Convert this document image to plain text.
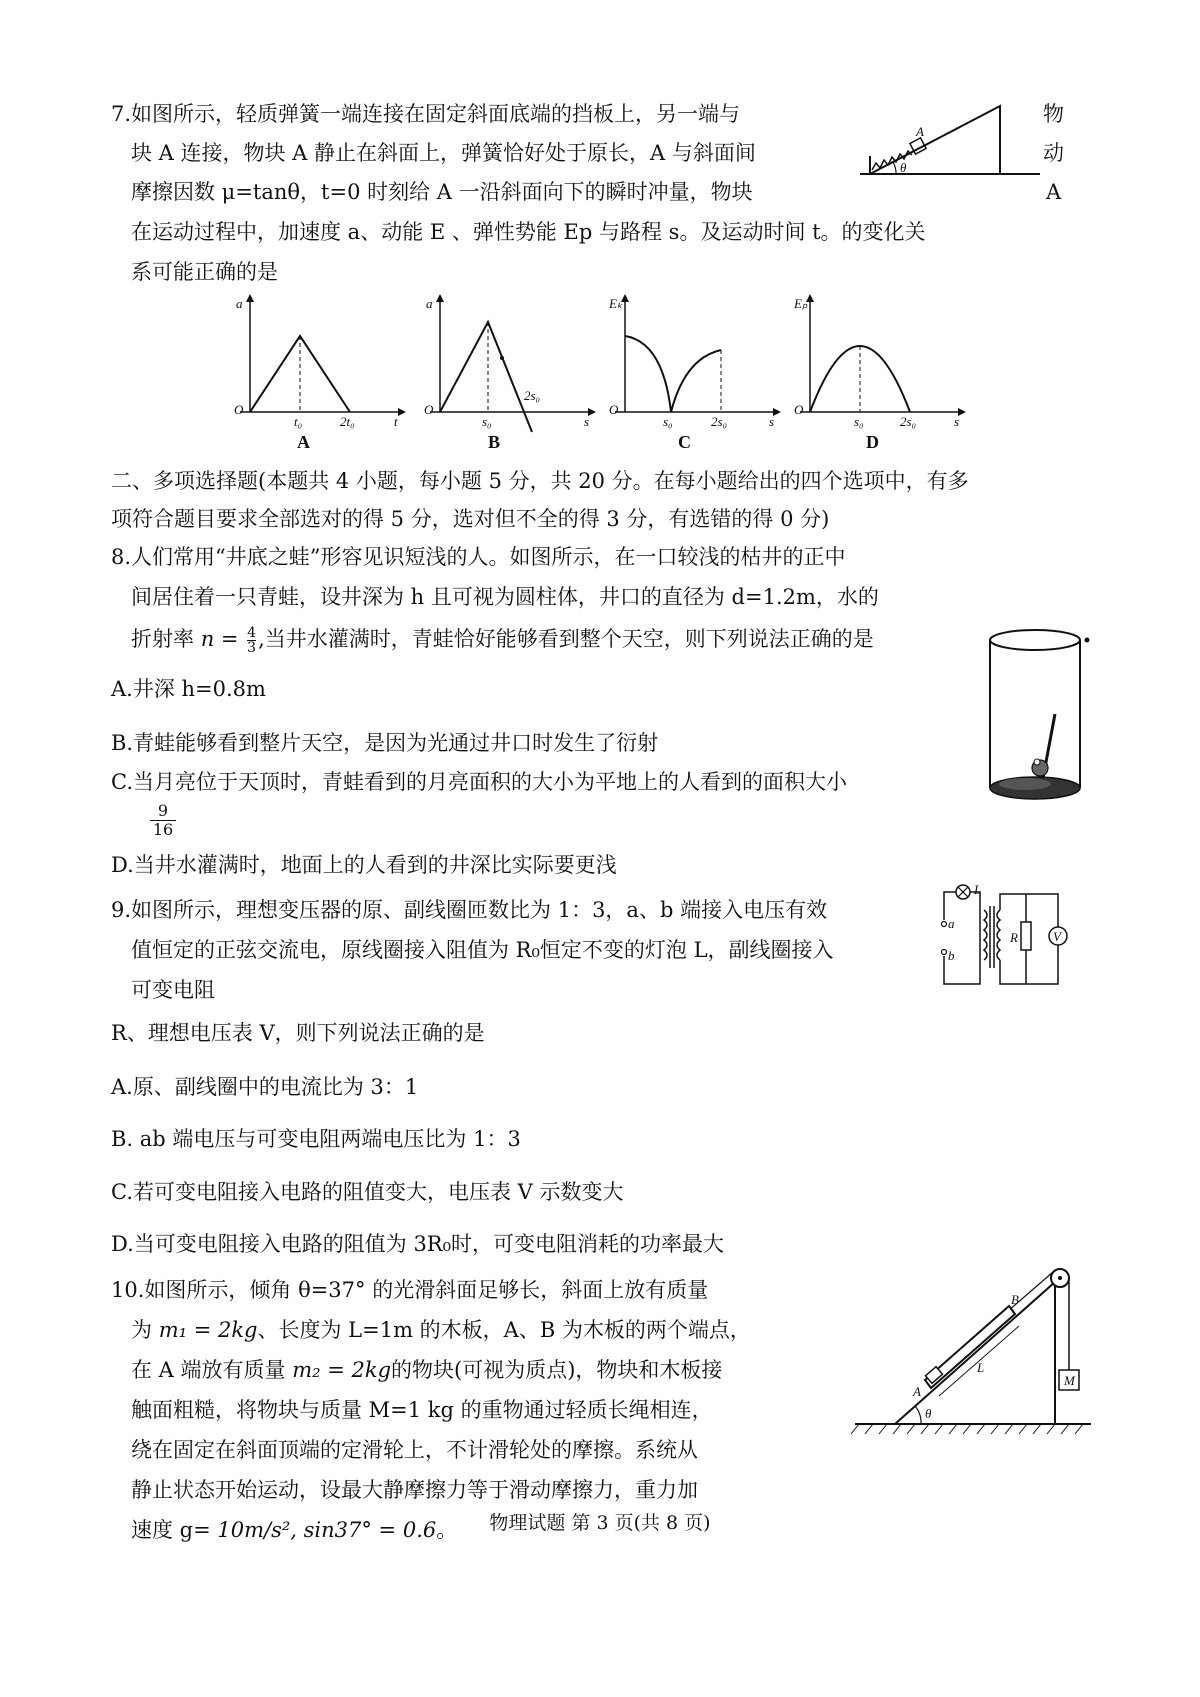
7.如图所示，轻质弹簧一端连接在固定斜面底端的挡板上，另一端与	物
块 A 连接，物块 A 静止在斜面上，弹簧恰好处于原长，A 与斜面间	动
摩擦因数 μ=tanθ，t=0 时刻给 A 一沿斜面向下的瞬时冲量，物块	A
在运动过程中，加速度 a、动能 E 、弹性势能 Ep 与路程 s。及运动时间 t。的变化关
系可能正确的是
A
θ
a
O
t₀	2t₀	t
A
a
O
s₀
2s₀
s
B
Eₖ
O
s₀	2s₀	s
C
Eₚ
O
s₀	2s₀	s
D
二、多项选择题(本题共 4 小题，每小题 5 分，共 20 分。在每小题给出的四个选项中，有多
项符合题目要求全部选对的得 5 分，选对但不全的得 3 分，有选错的得 0 分)
8.人们常用“井底之蛙”形容见识短浅的人。如图所示，在一口较浅的枯井的正中
间居住着一只青蛙，设井深为 h 且可视为圆柱体，井口的直径为 d=1.2m，水的
折射率 $n = \frac{4}{3}$ ,当井水灌满时，青蛙恰好能够看到整个天空，则下列说法正确的是
A.井深 h=0.8m
B.青蛙能够看到整片天空，是因为光通过井口时发生了衍射
C.当月亮位于天顶时，青蛙看到的月亮面积的大小为平地上的人看到的面积大小
$\frac{9}{16}$
D.当井水灌满时，地面上的人看到的井深比实际要更浅
9.如图所示，理想变压器的原、副线圈匝数比为 1：3，a、b 端接入电压有效
值恒定的正弦交流电，原线圈接入阻值为 R₀恒定不变的灯泡 L，副线圈接入
可变电阻
R、理想电压表 V，则下列说法正确的是
A.原、副线圈中的电流比为 3：1
B. ab 端电压与可变电阻两端电压比为 1：3
C.若可变电阻接入电路的阻值变大，电压表 V 示数变大
D.当可变电阻接入电路的阻值为 3R₀时，可变电阻消耗的功率最大
L
a
b
R	V
10.如图所示，倾角 θ=37° 的光滑斜面足够长，斜面上放有质量
为 m₁ = 2kg、长度为 L=1m 的木板，A、B 为木板的两个端点，
在 A 端放有质量 m₂ = 2kg的物块(可视为质点)，物块和木板接
触面粗糙，将物块与质量 M=1 kg 的重物通过轻质长绳相连，
绕在固定在斜面顶端的定滑轮上，不计滑轮处的摩擦。系统从
静止状态开始运动，设最大静摩擦力等于滑动摩擦力，重力加
速度 g= 10m/s², sin37° = 0.6。
M
A
B
L
θ
物理试题 第 3 页(共 8 页)
